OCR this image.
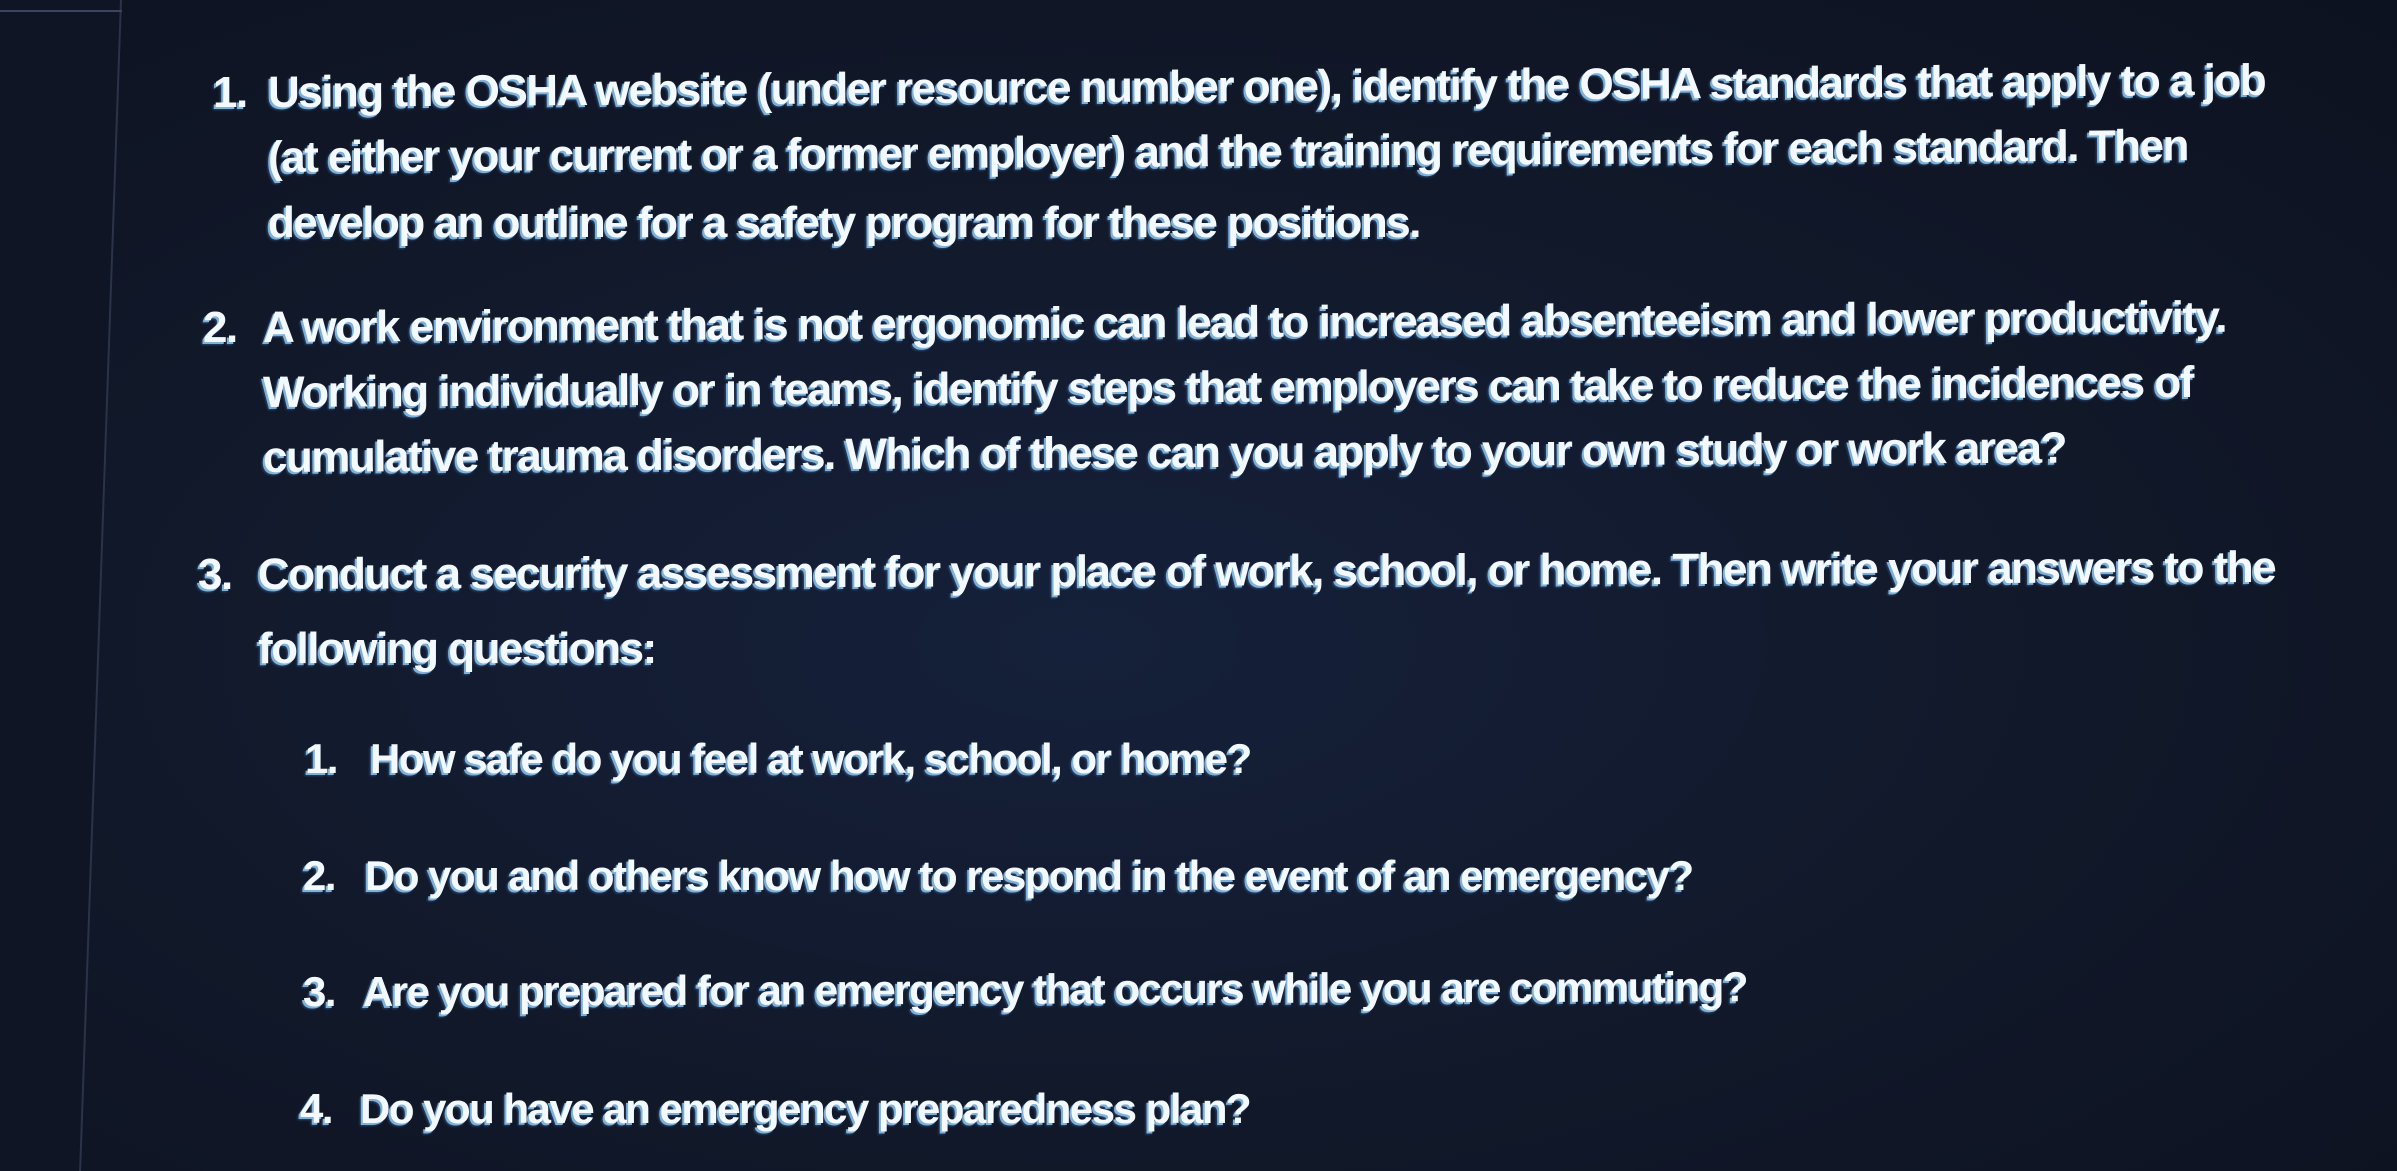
1. Using the OSHA website (under resource number one), identify the OSHA standards that apply to a job
(at either your current or a former employer) and the training requirements for each standard. Then
develop an outline for a safety program for these positions.
2. A work environment that is not ergonomic can lead to increased absenteeism and lower productivity.
Working individually or in teams, identify steps that employers can take to reduce the incidences of
cumulative trauma disorders. Which of these can you apply to your own study or work area?
3. Conduct a security assessment for your place of work, school, or home. Then write your answers to the
following questions:
1. How safe do you feel at work, school, or home?
2. Do you and others know how to respond in the event of an emergency?
3. Are you prepared for an emergency that occurs while you are commuting?
4. Do you have an emergency preparedness plan?
